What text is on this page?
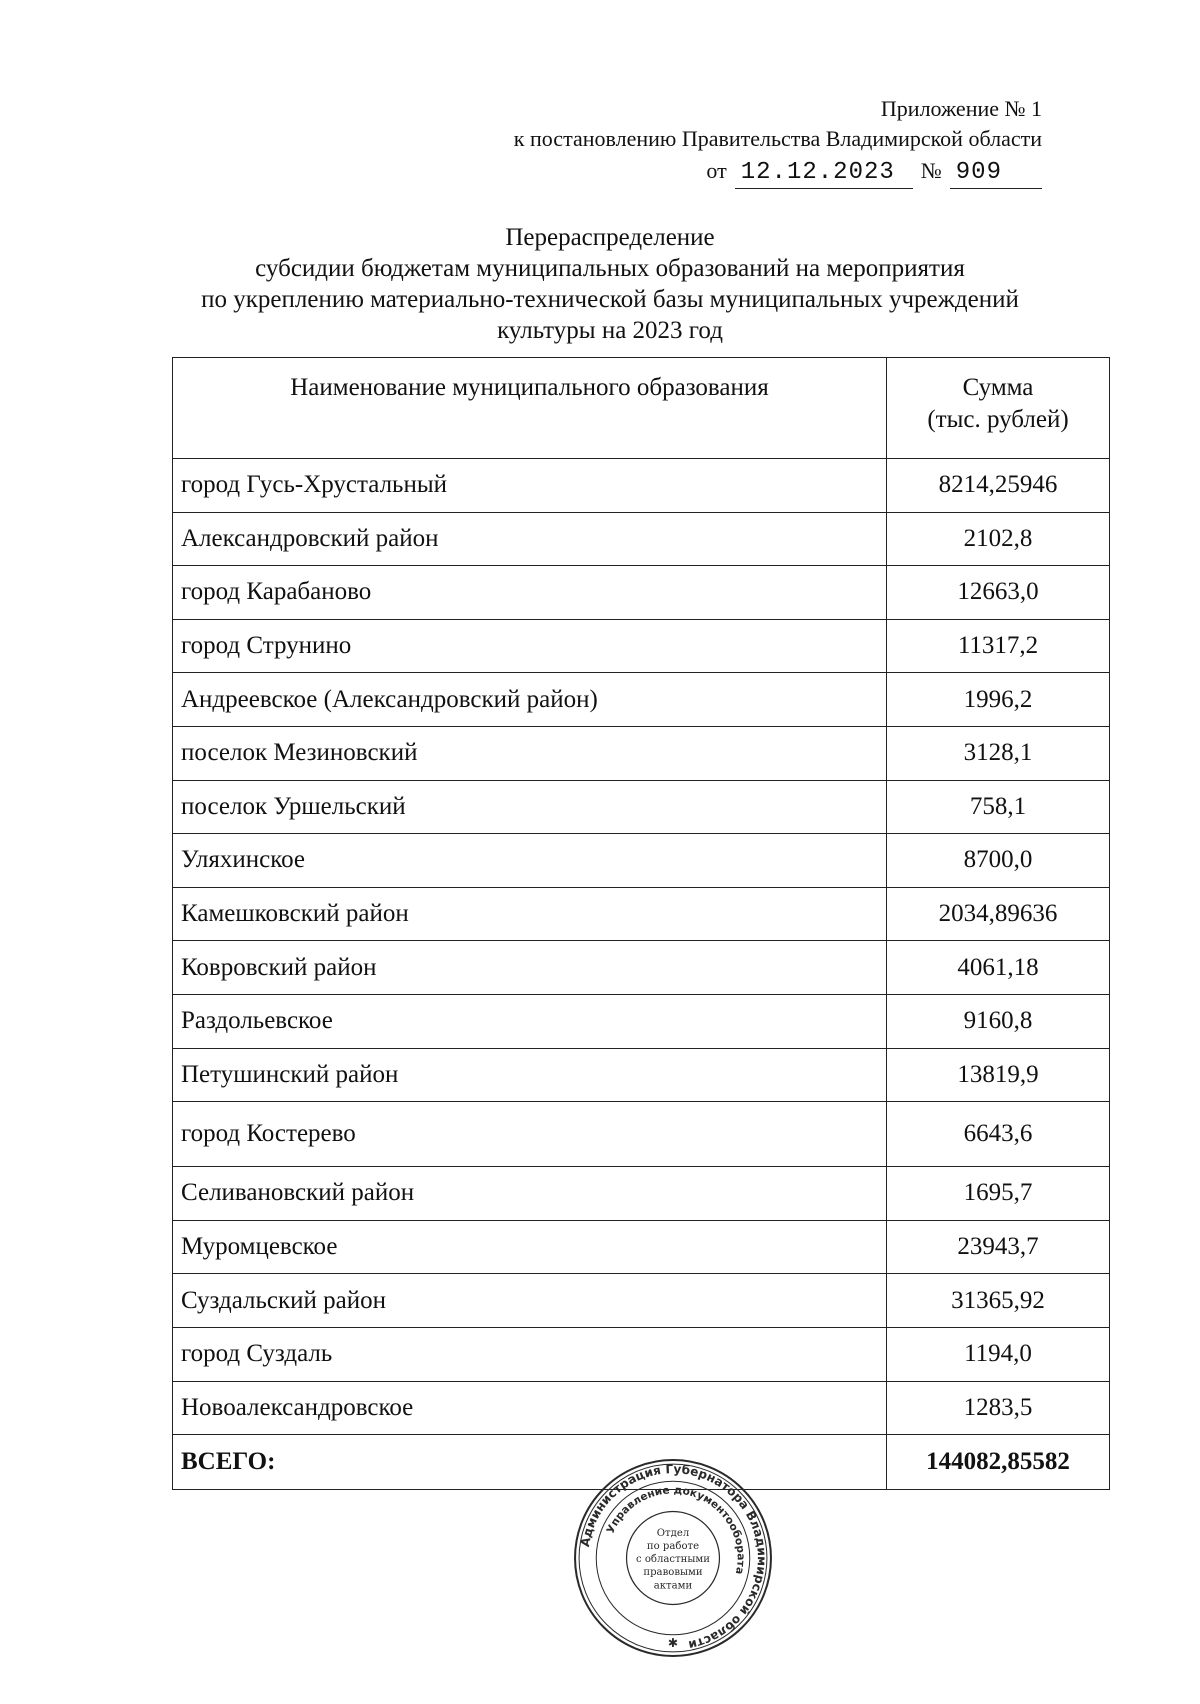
Приложение № 1
к постановлению Правительства Владимирской области
от 12.12.2023	№ 909
Перераспределение
субсидии бюджетам муниципальных образований на мероприятия
по укреплению материально-технической базы муниципальных учреждений
культуры на 2023 год
Наименование муниципального образования	Сумма
(тыс. рублей)

город Гусь-Хрустальный	8214,25946
Александровский район	2102,8
город Карабаново	12663,0
город Струнино	11317,2
Андреевское (Александровский район)	1996,2
поселок Мезиновский	3128,1
поселок Уршельский	758,1
Уляхинское	8700,0
Камешковский район	2034,89636
Ковровский район	4061,18
Раздольевское	9160,8
Петушинский район	13819,9
город Костерево	6643,6
Селивановский район	1695,7
Муромцевское	23943,7
Суздальский район	31365,92
город Суздаль	1194,0
Новоалександровское	1283,5
ВСЕГО:	144082,85582
Администрация Губернатора Владимирской области
Управление документообората
Отдел
по работе
с областными
правовыми
актами
✱
